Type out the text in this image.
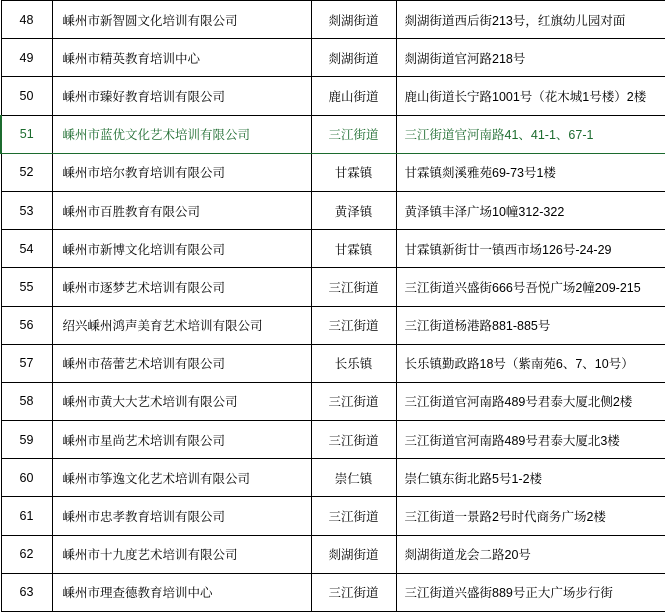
48	嵊州市新智圆文化培训有限公司	剡湖街道	剡湖街道西后街213号，红旗幼儿园对面
49	嵊州市精英教育培训中心	剡湖街道	剡湖街道官河路218号
50	嵊州市臻好教育培训有限公司	鹿山街道	鹿山街道长宁路1001号（花木城1号楼）2楼
51	嵊州市蓝优文化艺术培训有限公司	三江街道	三江街道官河南路41、41-1、67-1
52	嵊州市培尔教育培训有限公司	甘霖镇	甘霖镇剡溪雅苑69-73号1楼
53	嵊州市百胜教育有限公司	黄泽镇	黄泽镇丰泽广场10幢312-322
54	嵊州市新博文化培训有限公司	甘霖镇	甘霖镇新街廿一镇西市场126号-24-29
55	嵊州市逐梦艺术培训有限公司	三江街道	三江街道兴盛街666号吾悦广场2幢209-215
56	绍兴嵊州鸿声美育艺术培训有限公司	三江街道	三江街道杨港路881-885号
57	嵊州市蓓蕾艺术培训有限公司	长乐镇	长乐镇勤政路18号（紫南苑6、7、10号）
58	嵊州市黄大大艺术培训有限公司	三江街道	三江街道官河南路489号君泰大厦北侧2楼
59	嵊州市星尚艺术培训有限公司	三江街道	三江街道官河南路489号君泰大厦北3楼
60	嵊州市筝逸文化艺术培训有限公司	崇仁镇	崇仁镇东街北路5号1-2楼
61	嵊州市忠孝教育培训有限公司	三江街道	三江街道一景路2号时代商务广场2楼
62	嵊州市十九度艺术培训有限公司	剡湖街道	剡湖街道龙会二路20号
63	嵊州市理查德教育培训中心	三江街道	三江街道兴盛街889号正大广场步行街
